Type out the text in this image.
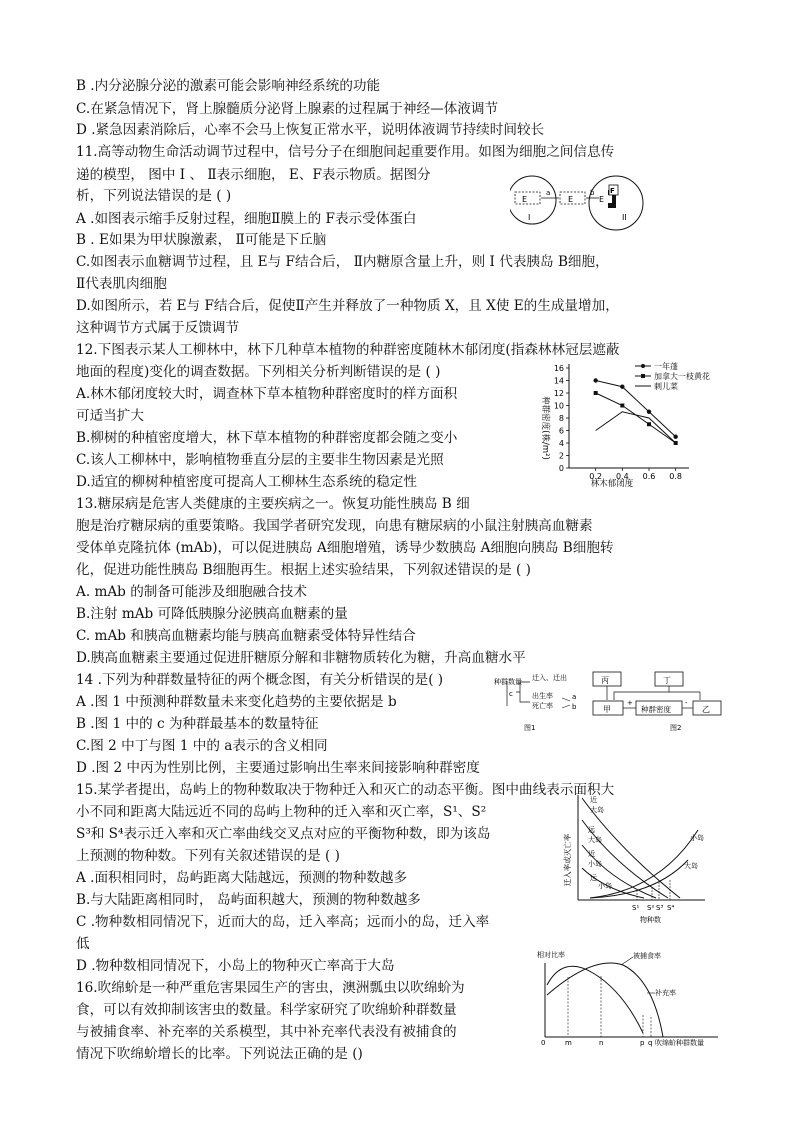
B .内分泌腺分泌的激素可能会影响神经系统的功能
C.在紧急情况下，肾上腺髓质分泌肾上腺素的过程属于神经—体液调节
D .紧急因素消除后，心率不会马上恢复正常水平，说明体液调节持续时间较长
11.高等动物生命活动调节过程中，信号分子在细胞间起重要作用。如图为细胞之间信息传
递的模型， 图中 I 、 Ⅱ表示细胞， E、F表示物质。据图分
析，下列说法错误的是 ( )
A .如图表示缩手反射过程，细胞Ⅱ膜上的 F表示受体蛋白
B . E如果为甲状腺激素， Ⅱ可能是下丘脑
C.如图表示血糖调节过程，且 E与 F结合后， Ⅱ内糖原含量上升，则 I 代表胰岛 B细胞，
Ⅱ代表肌肉细胞
D.如图所示，若 E与 F结合后，促使Ⅱ产生并释放了一种物质 X，且 X使 E的生成量增加，
这种调节方式属于反馈调节
12.下图表示某人工柳林中，林下几种草本植物的种群密度随林木郁闭度(指森林林冠层遮蔽
地面的程度)变化的调查数据。下列相关分析判断错误的是 ( )
A.林木郁闭度较大时，调查林下草本植物种群密度时的样方面积
可适当扩大
B.柳树的种植密度增大，林下草本植物的种群密度都会随之变小
C.该人工柳林中，影响植物垂直分层的主要非生物因素是光照
D.适宜的柳树种植密度可提高人工柳林生态系统的稳定性
13.糖尿病是危害人类健康的主要疾病之一。恢复功能性胰岛 B 细
胞是治疗糖尿病的重要策略。我国学者研究发现，向患有糖尿病的小鼠注射胰高血糖素
受体单克隆抗体 (mAb)，可以促进胰岛 A细胞增殖，诱导少数胰岛 A细胞向胰岛 B细胞转
化，促进功能性胰岛 B细胞再生。根据上述实验结果，下列叙述错误的是 ( )
A. mAb 的制备可能涉及细胞融合技术
B.注射 mAb 可降低胰腺分泌胰高血糖素的量
C. mAb 和胰高血糖素均能与胰高血糖素受体特异性结合
D.胰高血糖素主要通过促进肝糖原分解和非糖物质转化为糖，升高血糖水平
14 .下列为种群数量特征的两个概念图，有关分析错误的是( )
A .图 1 中预测种群数量未来变化趋势的主要依据是 b
B .图 1 中的 c 为种群最基本的数量特征
C.图 2 中丁与图 1 中的 a表示的含义相同
D .图 2 中丙为性别比例，主要通过影响出生率来间接影响种群密度
15.某学者提出，岛屿上的物种数取决于物种迁入和灭亡的动态平衡。图中曲线表示面积大
小不同和距离大陆远近不同的岛屿上物种的迁入率和灭亡率，S¹、S²
S³和 S⁴表示迁入率和灭亡率曲线交叉点对应的平衡物种数，即为该岛
上预测的物种数。下列有关叙述错误的是 ( )
A .面积相同时，岛屿距离大陆越远，预测的物种数越多
B.与大陆距离相同时， 岛屿面积越大，预测的物种数越多
C .物种数相同情况下，近而大的岛，迁入率高；远而小的岛，迁入率
低
D .物种数相同情况下，小岛上的物种灭亡率高于大岛
16.吹绵蚧是一种严重危害果园生产的害虫，澳洲瓢虫以吹绵蚧为
食，可以有效抑制该害虫的数量。科学家研究了吹绵蚧种群数量
与被捕食率、补充率的关系模型，其中补充率代表没有被捕食的
情况下吹绵蚧增长的比率。下列说法正确的是 ()
E
a
E
b
E
F
I	II
种群密度(株/m²)
0
2
4
6
8
10
12
14
16
0.2 0.4 0.6 0.8
林木郁闭度
一年蓬
加拿大一枝黄花
刺儿菜
种群数量
c
迁入、迁出
出生率
死亡率
a
b
图1
丙	丁
甲
+
种群密度
-
乙
图2
迁入率或灭亡率
近
大岛
远
大岛
近
小岛
远
小岛
小岛
大岛
S¹ S² S³ S⁴
物种数
相对比率	被捕食率
补充率
0	m	n	p q 吹绵蚧种群数量
